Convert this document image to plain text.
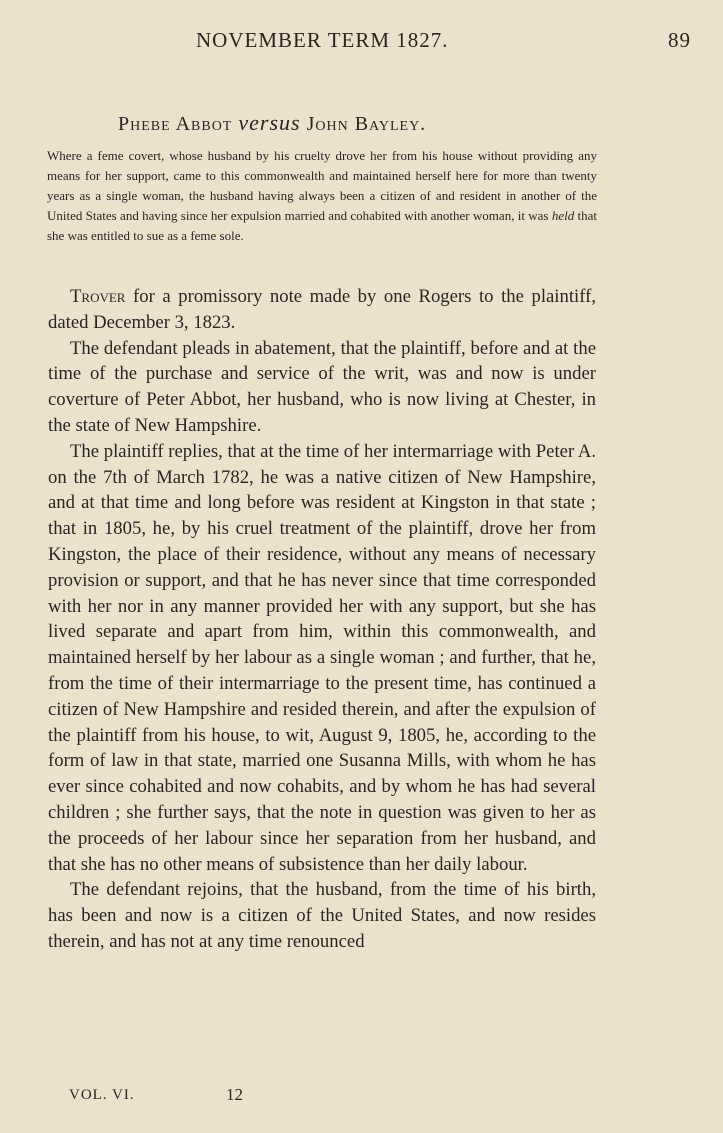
NOVEMBER TERM 1827.	89
Phebe Abbot versus John Bayley.
Where a feme covert, whose husband by his cruelty drove her from his house without providing any means for her support, came to this commonwealth and maintained herself here for more than twenty years as a single woman, the husband having always been a citizen of and resident in another of the United States and having since her expulsion married and cohabited with another woman, it was held that she was entitled to sue as a feme sole.

Trover for a promissory note made by one Rogers to the plaintiff, dated December 3, 1823.

The defendant pleads in abatement, that the plaintiff, before and at the time of the purchase and service of the writ, was and now is under coverture of Peter Abbot, her husband, who is now living at Chester, in the state of New Hampshire.

The plaintiff replies, that at the time of her intermarriage with Peter A. on the 7th of March 1782, he was a native citizen of New Hampshire, and at that time and long before was resident at Kingston in that state ; that in 1805, he, by his cruel treatment of the plaintiff, drove her from Kingston, the place of their residence, without any means of necessary provision or support, and that he has never since that time corresponded with her nor in any manner provided her with any support, but she has lived separate and apart from him, within this commonwealth, and maintained herself by her labour as a single woman ; and further, that he, from the time of their intermarriage to the present time, has continued a citizen of New Hampshire and resided therein, and after the expulsion of the plaintiff from his house, to wit, August 9, 1805, he, according to the form of law in that state, married one Susanna Mills, with whom he has ever since cohabited and now cohabits, and by whom he has had several children ; she further says, that the note in question was given to her as the proceeds of her labour since her separation from her husband, and that she has no other means of subsistence than her daily labour.

The defendant rejoins, that the husband, from the time of his birth, has been and now is a citizen of the United States, and now resides therein, and has not at any time renounced

VOL. VI.	12
